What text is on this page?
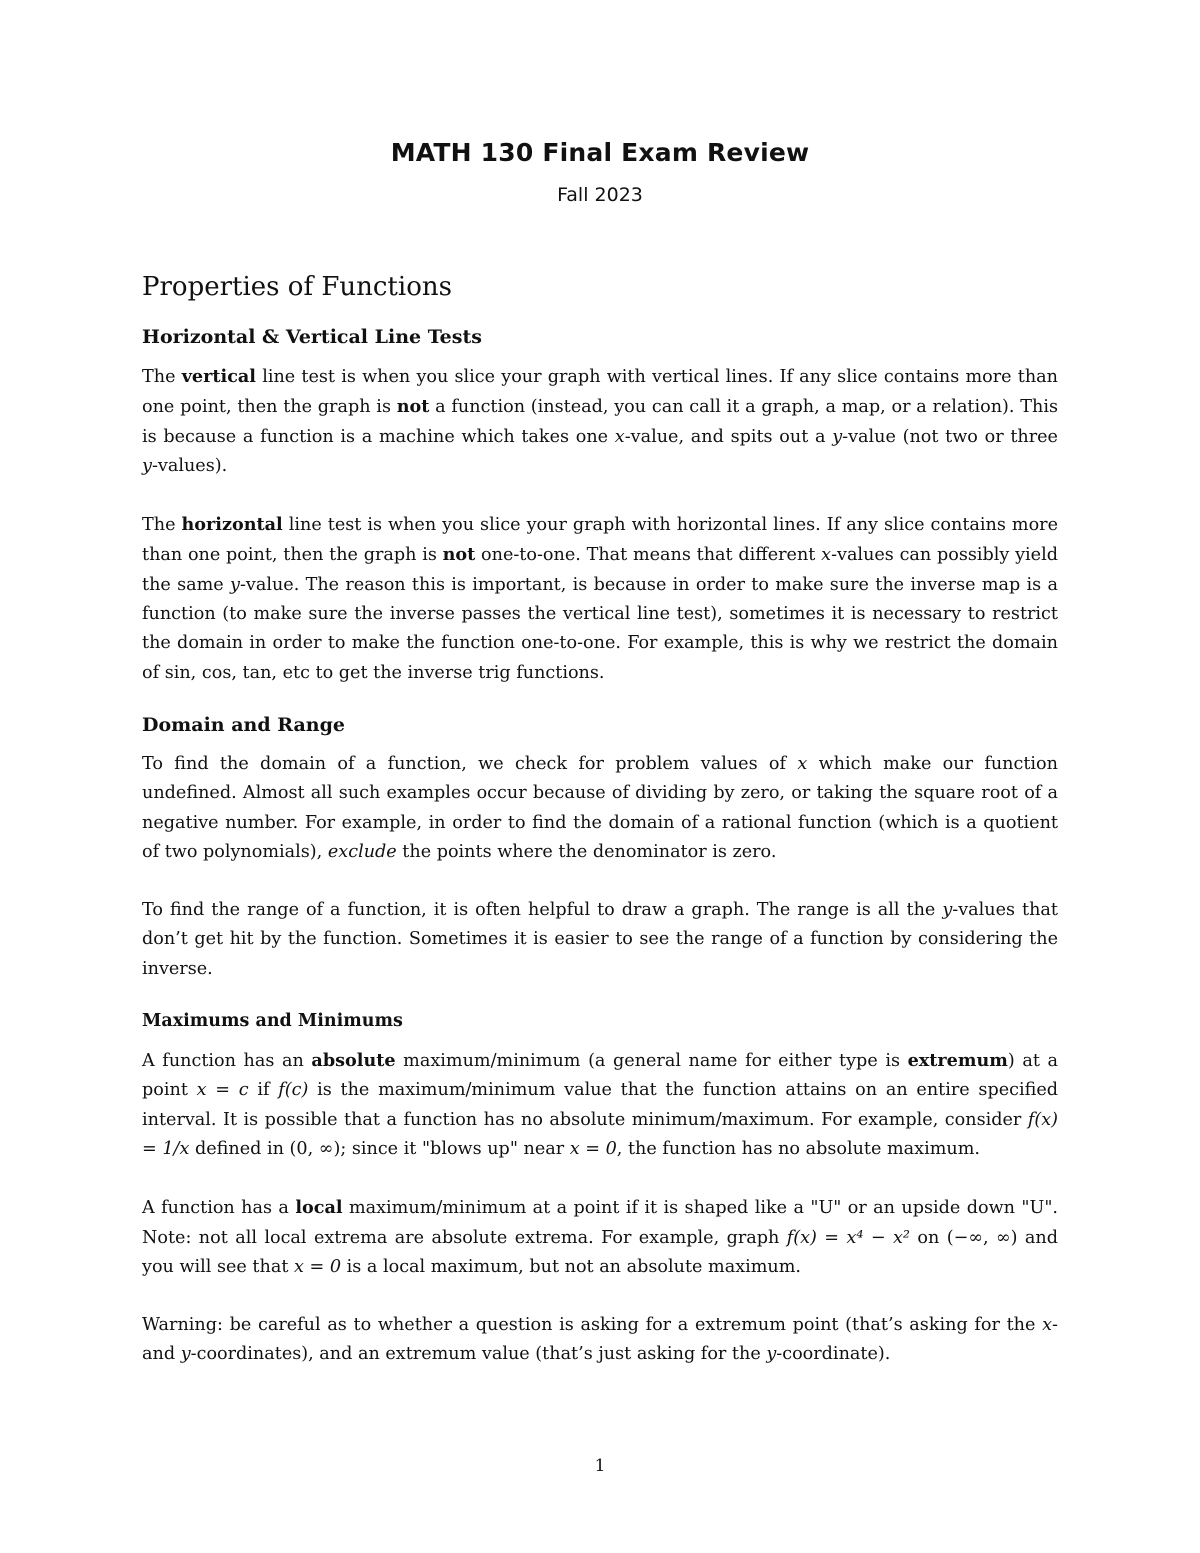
MATH 130 Final Exam Review
Fall 2023
Properties of Functions
Horizontal & Vertical Line Tests

The vertical line test is when you slice your graph with vertical lines. If any slice contains more than one point, then the graph is not a function (instead, you can call it a graph, a map, or a relation). This is because a function is a machine which takes one x-value, and spits out a y-value (not two or three y-values).

The horizontal line test is when you slice your graph with horizontal lines. If any slice contains more than one point, then the graph is not one-to-one. That means that different x-values can possibly yield the same y-value. The reason this is important, is because in order to make sure the inverse map is a function (to make sure the inverse passes the vertical line test), sometimes it is necessary to restrict the domain in order to make the function one-to-one. For example, this is why we restrict the domain of sin, cos, tan, etc to get the inverse trig functions.

Domain and Range

To find the domain of a function, we check for problem values of x which make our function undefined. Almost all such examples occur because of dividing by zero, or taking the square root of a negative number. For example, in order to find the domain of a rational function (which is a quotient of two polynomials), exclude the points where the denominator is zero.

To find the range of a function, it is often helpful to draw a graph. The range is all the y-values that don’t get hit by the function. Sometimes it is easier to see the range of a function by considering the inverse.

Maximums and Minimums

A function has an absolute maximum/minimum (a general name for either type is extremum) at a point x = c if f(c) is the maximum/minimum value that the function attains on an entire specified interval. It is possible that a function has no absolute minimum/maximum. For example, consider f(x) = 1/x defined in (0, ∞); since it "blows up" near x = 0, the function has no absolute maximum.

A function has a local maximum/minimum at a point if it is shaped like a "U" or an upside down "U". Note: not all local extrema are absolute extrema. For example, graph f(x) = x⁴ − x² on (−∞, ∞) and you will see that x = 0 is a local maximum, but not an absolute maximum.

Warning: be careful as to whether a question is asking for a extremum point (that’s asking for the x- and y-coordinates), and an extremum value (that’s just asking for the y-coordinate).

1
